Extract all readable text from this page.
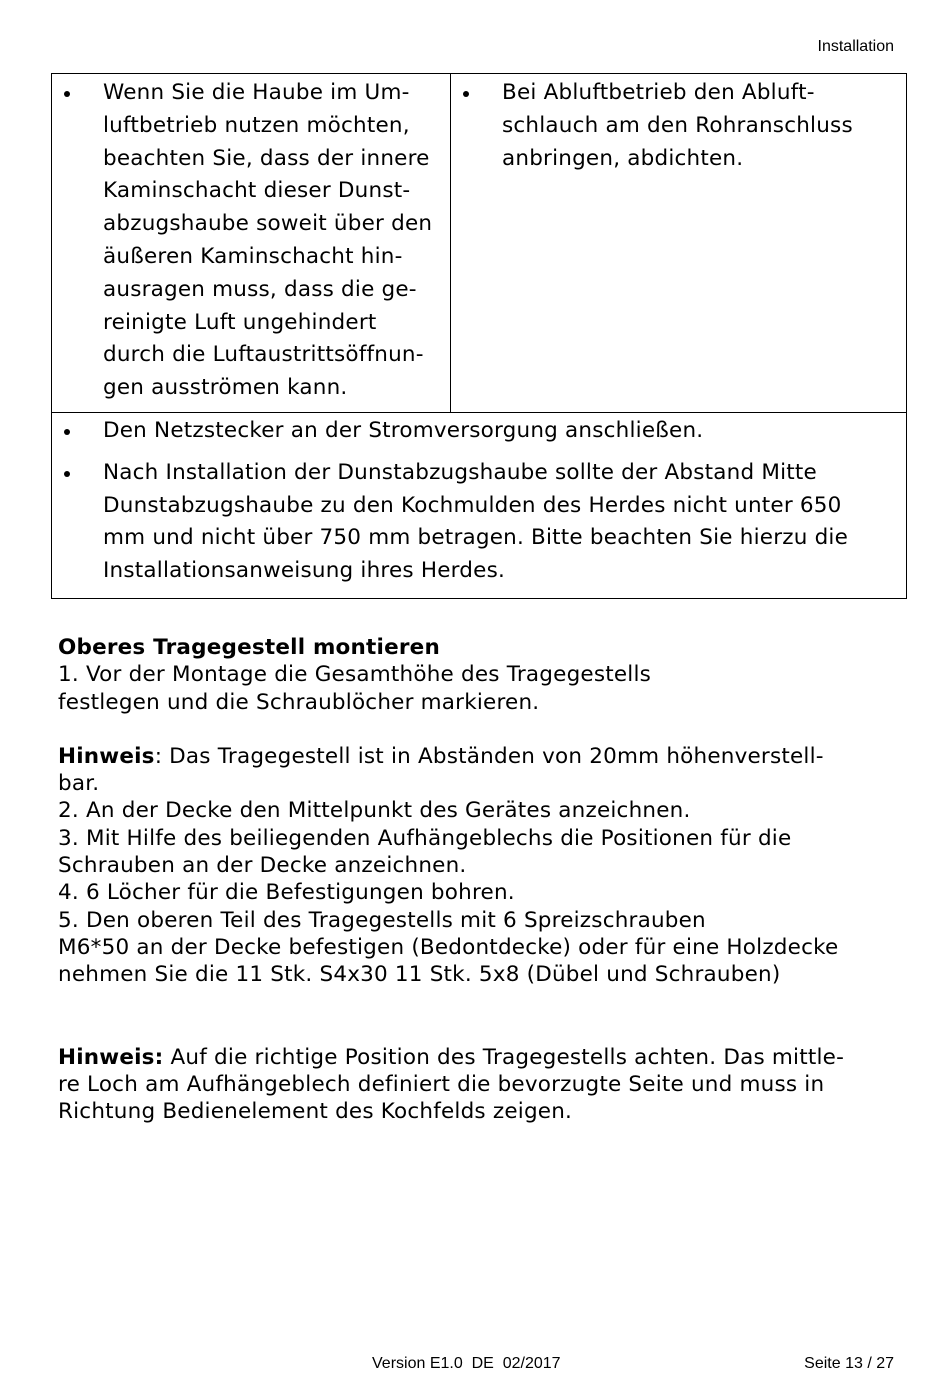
Installation
Wenn Sie die Haube im Um-
luftbetrieb nutzen möchten,
beachten Sie, dass der innere
Kaminschacht dieser Dunst-
abzugshaube soweit über den
äußeren Kaminschacht hin-
ausragen muss, dass die ge-
reinigte Luft ungehindert
durch die Luftaustrittsöffnun-
gen ausströmen kann.

Bei Abluftbetrieb den Abluft-
schlauch am den Rohranschluss
anbringen, abdichten.

Den Netzstecker an der Stromversorgung anschließen.
Nach Installation der Dunstabzugshaube sollte der Abstand Mitte
Dunstabzugshaube zu den Kochmulden des Herdes nicht unter 650
mm und nicht über 750 mm betragen. Bitte beachten Sie hierzu die
Installationsanweisung ihres Herdes.
Oberes Tragegestell montieren

1. Vor der Montage die Gesamthöhe des Tragegestells
festlegen und die Schraublöcher markieren.

Hinweis: Das Tragegestell ist in Abständen von 20mm höhenverstell-
bar.

2. An der Decke den Mittelpunkt des Gerätes anzeichnen.
3. Mit Hilfe des beiliegenden Aufhängeblechs die Positionen für die
Schrauben an der Decke anzeichnen.
4. 6 Löcher für die Befestigungen bohren.
5. Den oberen Teil des Tragegestells mit 6 Spreizschrauben
M6*50 an der Decke befestigen (Bedontdecke) oder für eine Holzdecke
nehmen Sie die 11 Stk. S4x30 11 Stk. 5x8 (Dübel und Schrauben)

Hinweis: Auf die richtige Position des Tragegestells achten. Das mittle-
re Loch am Aufhängeblech definiert die bevorzugte Seite und muss in
Richtung Bedienelement des Kochfelds zeigen.

Version E1.0  DE  02/2017	Seite 13 / 27
